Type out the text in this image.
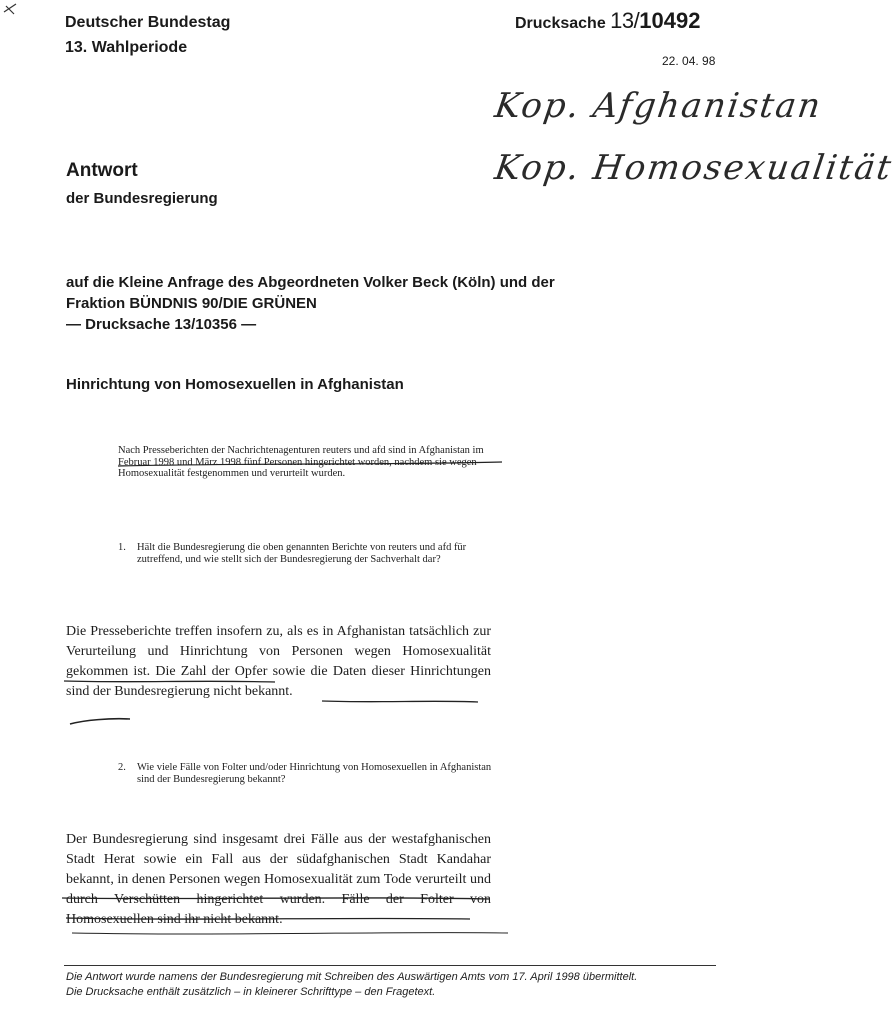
Deutscher Bundestag
13. Wahlperiode
Drucksache 13/10492
22. 04. 98
Kop. Afghanistan
Kop. Homosexualität
Antwort
der Bundesregierung
auf die Kleine Anfrage des Abgeordneten Volker Beck (Köln) und der
Fraktion BÜNDNIS 90/DIE GRÜNEN
— Drucksache 13/10356 —
Hinrichtung von Homosexuellen in Afghanistan
Nach Presseberichten der Nachrichtenagenturen reuters und afd sind in Afghanistan im Februar 1998 und März 1998 fünf Personen hingerichtet worden, nachdem sie wegen Homosexualität festgenommen und verurteilt wurden.
1.	Hält die Bundesregierung die oben genannten Berichte von reuters und afd für zutreffend, und wie stellt sich der Bundesregierung der Sachverhalt dar?
Die Presseberichte treffen insofern zu, als es in Afghanistan tatsächlich zur Verurteilung und Hinrichtung von Personen wegen Homosexualität gekommen ist. Die Zahl der Opfer sowie die Daten dieser Hinrichtungen sind der Bundesregierung nicht bekannt.
2.	Wie viele Fälle von Folter und/oder Hinrichtung von Homosexuellen in Afghanistan sind der Bundesregierung bekannt?
Der Bundesregierung sind insgesamt drei Fälle aus der westafghanischen Stadt Herat sowie ein Fall aus der südafghanischen Stadt Kandahar bekannt, in denen Personen wegen Homosexualität zum Tode verurteilt und durch Verschütten hingerichtet wurden. Fälle der Folter von Homosexuellen sind ihr nicht bekannt.
Die Antwort wurde namens der Bundesregierung mit Schreiben des Auswärtigen Amts vom 17. April 1998 übermittelt.
Die Drucksache enthält zusätzlich – in kleinerer Schrifttype – den Fragetext.
